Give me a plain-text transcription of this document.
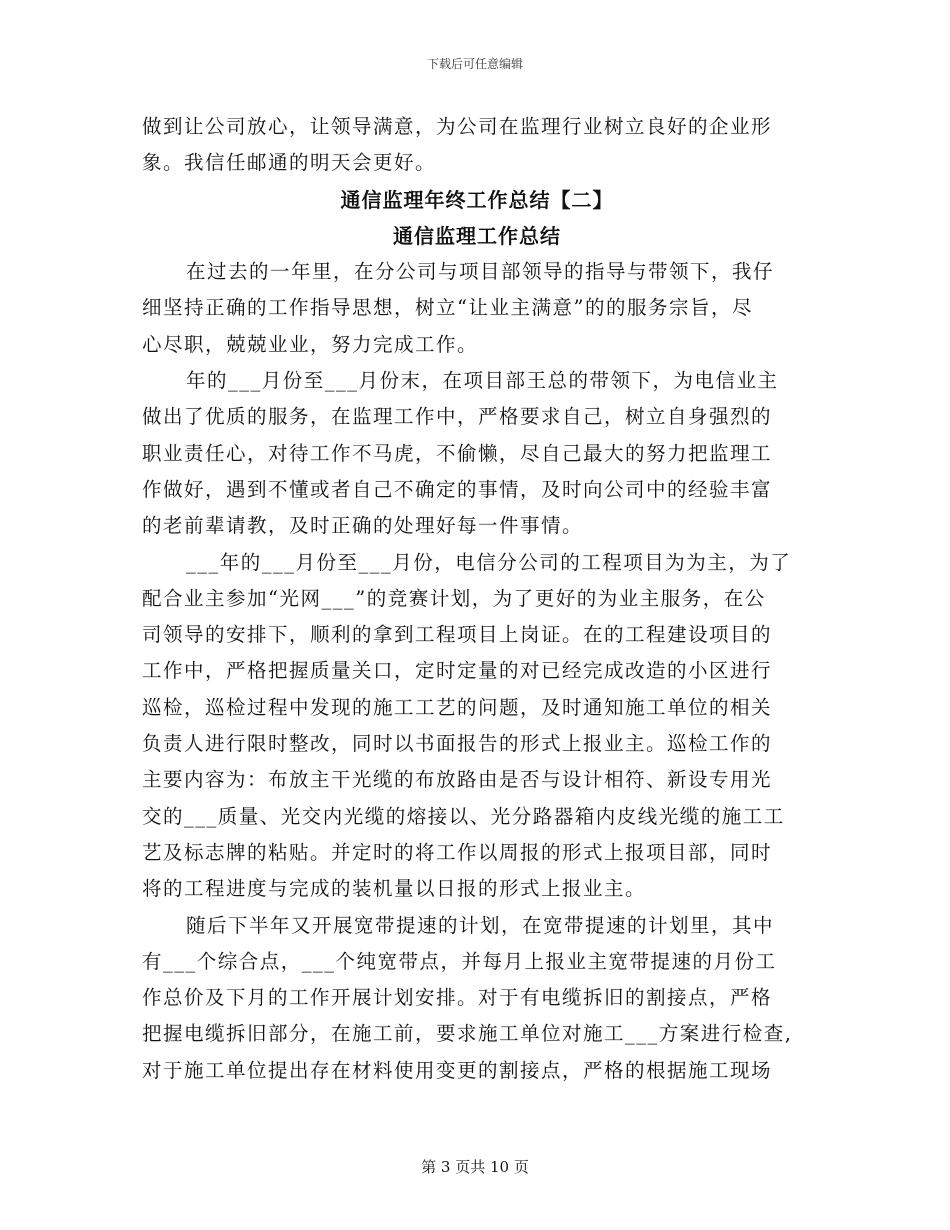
下载后可任意编辑
做到让公司放心，让领导满意，为公司在监理行业树立良好的企业形
象。我信任邮通的明天会更好。
通信监理年终工作总结【二】
通信监理工作总结
在过去的一年里，在分公司与项目部领导的指导与带领下，我仔
细坚持正确的工作指导思想，树立“让业主满意”的的服务宗旨，尽
心尽职，兢兢业业，努力完成工作。
年的___月份至___月份末，在项目部王总的带领下，为电信业主
做出了优质的服务，在监理工作中，严格要求自己，树立自身强烈的
职业责任心，对待工作不马虎，不偷懒，尽自己最大的努力把监理工
作做好，遇到不懂或者自己不确定的事情，及时向公司中的经验丰富
的老前辈请教，及时正确的处理好每一件事情。
___年的___月份至___月份，电信分公司的工程项目为为主，为了
配合业主参加“光网___”的竞赛计划，为了更好的为业主服务，在公
司领导的安排下，顺利的拿到工程项目上岗证。在的工程建设项目的
工作中，严格把握质量关口，定时定量的对已经完成改造的小区进行
巡检，巡检过程中发现的施工工艺的问题，及时通知施工单位的相关
负责人进行限时整改，同时以书面报告的形式上报业主。巡检工作的
主要内容为：布放主干光缆的布放路由是否与设计相符、新设专用光
交的___质量、光交内光缆的熔接以、光分路器箱内皮线光缆的施工工
艺及标志牌的粘贴。并定时的将工作以周报的形式上报项目部，同时
将的工程进度与完成的装机量以日报的形式上报业主。
随后下半年又开展宽带提速的计划，在宽带提速的计划里，其中
有___个综合点，___个纯宽带点，并每月上报业主宽带提速的月份工
作总价及下月的工作开展计划安排。对于有电缆拆旧的割接点，严格
把握电缆拆旧部分，在施工前，要求施工单位对施工___方案进行检查,
对于施工单位提出存在材料使用变更的割接点，严格的根据施工现场
第 3 页共 10 页
